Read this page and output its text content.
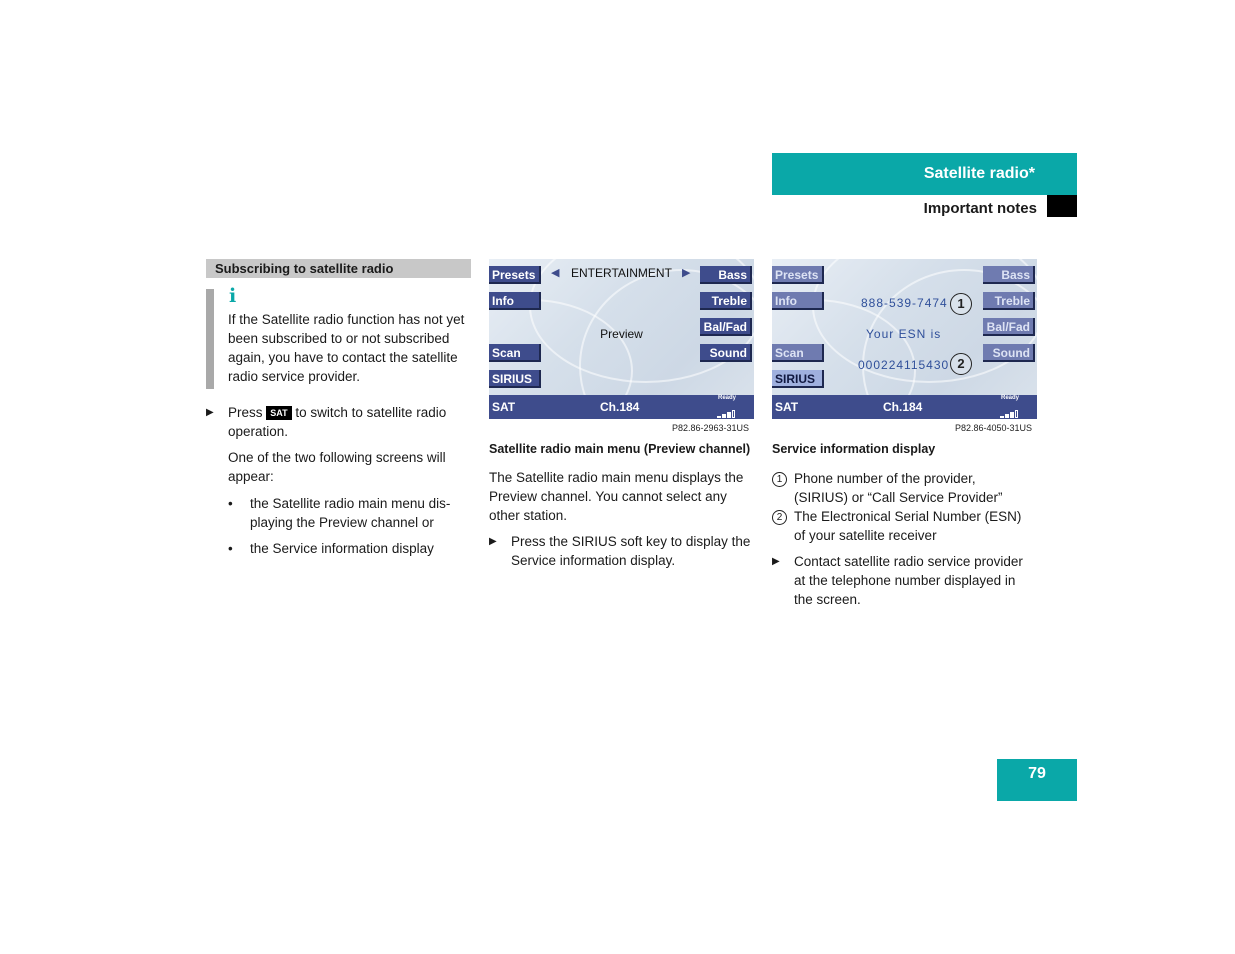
Satellite radio*
Important notes
Subscribing to satellite radio
i
If the Satellite radio function has not yet
been subscribed to or not subscribed
again, you have to contact the satellite
radio service provider.
▶ Press SAT to switch to satellite radio
operation.
One of the two following screens will
appear:
• the Satellite radio main menu dis-
playing the Preview channel or
• the Service information display
Presets
Info
Scan
SIRIUS
Bass
Treble
Bal/Fad
Sound
◀ ENTERTAINMENT ▶
Preview
SAT	Ch.184
Ready
P82.86-2963-31US
Presets
Info
Scan
SIRIUS
Bass
Treble
Bal/Fad
Sound
888-539-7474 1
Your ESN is
000224115430 2
SAT	Ch.184
Ready
P82.86-4050-31US
Satellite radio main menu (Preview channel)
The Satellite radio main menu displays the
Preview channel. You cannot select any
other station.
▶ Press the SIRIUS soft key to display the
Service information display.
Service information display
1 Phone number of the provider,
(SIRIUS) or “Call Service Provider”
2 The Electronical Serial Number (ESN)
of your satellite receiver
▶ Contact satellite radio service provider
at the telephone number displayed in
the screen.
79
